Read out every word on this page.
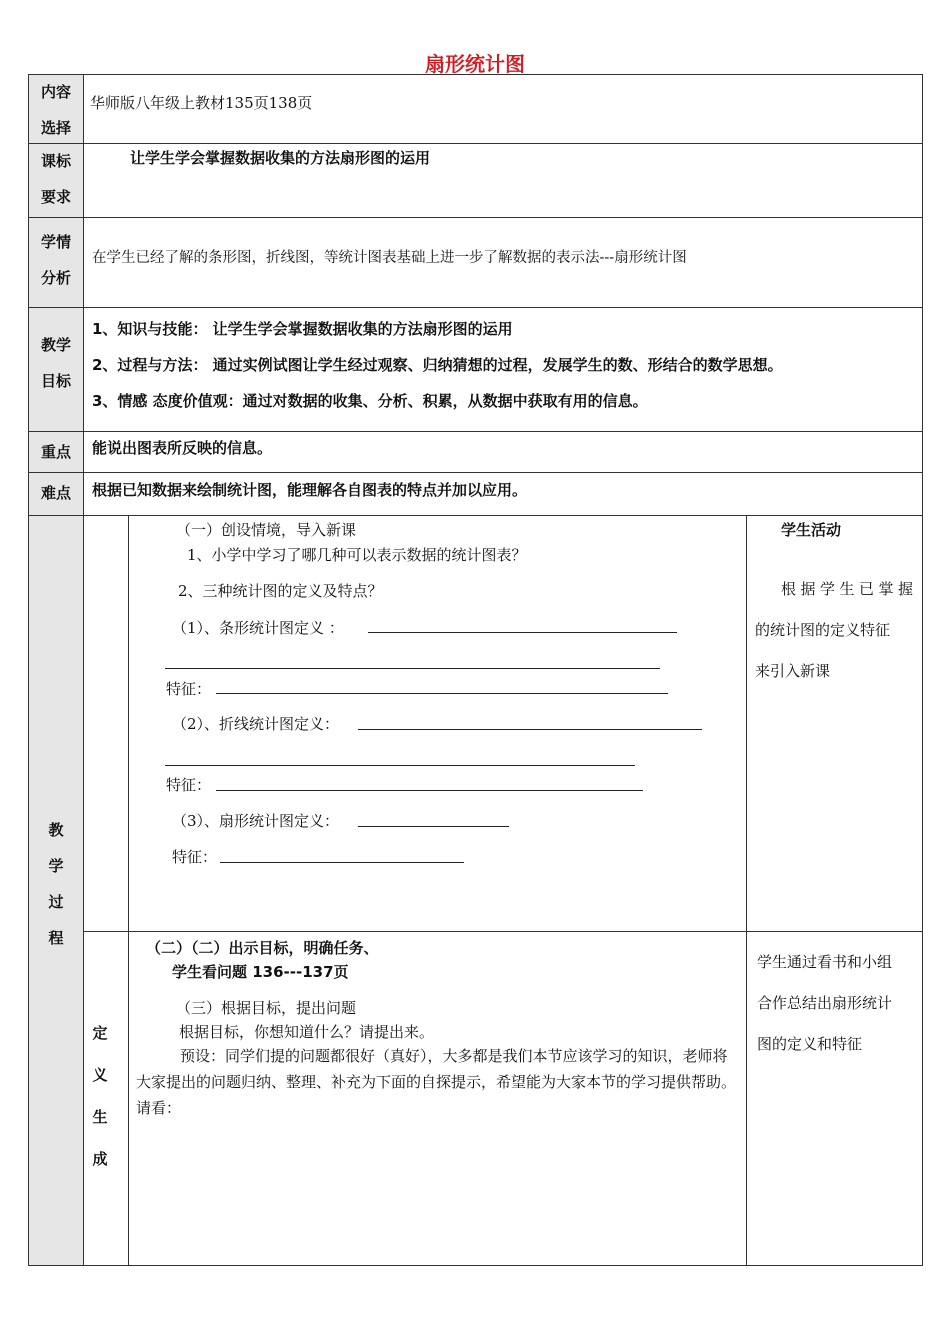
扇形统计图
内容
选择
华师版八年级上教材135页138页
课标
要求
让学生学会掌握数据收集的方法扇形图的运用
学情
分析
在学生已经了解的条形图，折线图，等统计图表基础上进一步了解数据的表示法---扇形统计图
教学
目标
1、知识与技能： 让学生学会掌握数据收集的方法扇形图的运用
2、过程与方法： 通过实例试图让学生经过观察、归纳猜想的过程，发展学生的数、形结合的数学思想。
3、情感 态度价值观：通过对数据的收集、分析、积累，从数据中获取有用的信息。
重点	能说出图表所反映的信息。
难点	根据已知数据来绘制统计图，能理解各自图表的特点并加以应用。
教
学
过
程
（一）创设情境，导入新课
1、小学中学习了哪几种可以表示数据的统计图表？
2、三种统计图的定义及特点？
（1）、条形统计图定义 ：
特征：
（2）、折线统计图定义：
特征：
（3）、扇形统计图定义：
特征：
学生活动
根据学生已掌握
的统计图的定义特征
来引入新课
定
义
生
成
（二）（二）出示目标，明确任务、
学生看问题 136---137页
（三）根据目标，提出问题
根据目标，你想知道什么？请提出来。
预设：同学们提的问题都很好（真好），大多都是我们本节应该学习的知识，老师将大家提出的问题归纳、整理、补充为下面的自探提示，希望能为大家本节的学习提供帮助。请看：
学生通过看书和小组
合作总结出扇形统计
图的定义和特征
